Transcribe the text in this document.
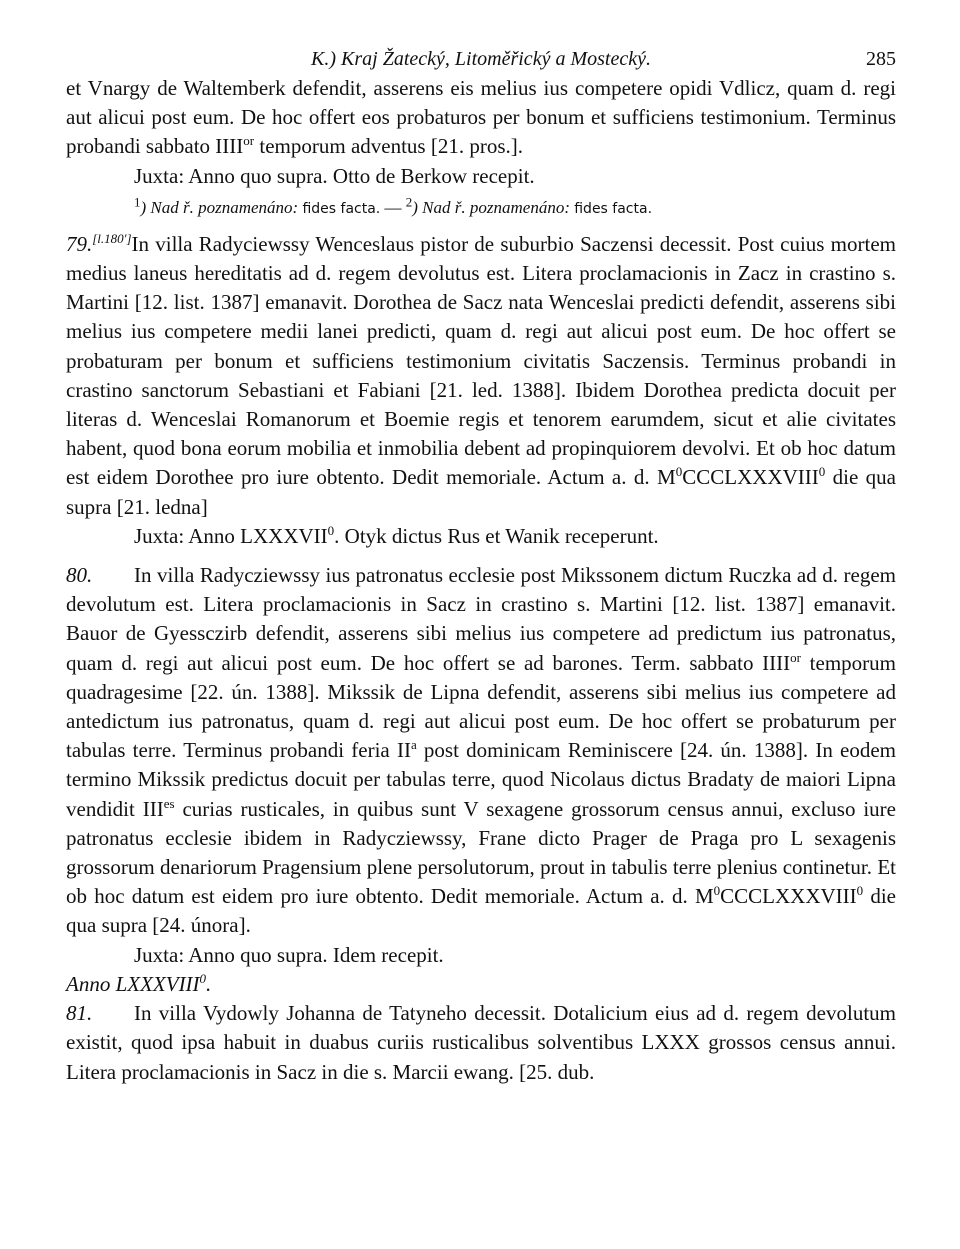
K.) Kraj Žatecký, Litoměřický a Mostecký.	285

et Vnargy de Waltemberk defendit, asserens eis melius ius competere opidi Vdlicz, quam d. regi aut alicui post eum. De hoc offert eos probaturos per bonum et sufficiens testimonium. Terminus probandi sabbato $IIII^{or}$ temporum adventus [21. pros.].

Juxta: Anno quo supra. Otto de Berkow recepit.

$^1$) Nad ř. poznamenáno: fides facta. — $^2$) Nad ř. poznamenáno: fides facta.

79.[l.180']In villa Radyciewssy Wenceslaus pistor de suburbio Saczensi decessit. Post cuius mortem medius laneus hereditatis ad d. regem devolutus est. Litera proclamacionis in Zacz in crastino s. Martini [12. list. 1387] emanavit. Dorothea de Sacz nata Wenceslai predicti defendit, asserens sibi melius ius competere medii lanei predicti, quam d. regi aut alicui post eum. De hoc offert se probaturam per bonum et sufficiens testimonium civitatis Saczensis. Terminus probandi in crastino sanctorum Sebastiani et Fabiani [21. led. 1388]. Ibidem Dorothea predicta docuit per literas d. Wenceslai Romanorum et Boemie regis et tenorem earumdem, sicut et alie civitates habent, quod bona eorum mobilia et inmobilia debent ad propinquiorem devolvi. Et ob hoc datum est eidem Dorothee pro iure obtento. Dedit memoriale. Actum a. d. $M^0CCCLXXXVIII^0$ die qua supra [21. ledna]

Juxta: Anno LXXXVII$^0$. Otyk dictus Rus et Wanik receperunt.

80. In villa Radycziewssy ius patronatus ecclesie post Mikssonem dictum Ruczka ad d. regem devolutum est. Litera proclamacionis in Sacz in crastino s. Martini [12. list. 1387] emanavit. Bauor de Gyessczirb defendit, asserens sibi melius ius competere ad predictum ius patronatus, quam d. regi aut alicui post eum. De hoc offert se ad barones. Term. sabbato $IIII^{or}$ temporum quadragesime [22. ún. 1388]. Mikssik de Lipna defendit, asserens sibi melius ius competere ad antedictum ius patronatus, quam d. regi aut alicui post eum. De hoc offert se probaturum per tabulas terre. Terminus probandi feria $II^a$ post dominicam Reminiscere [24. ún. 1388]. In eodem termino Mikssik predictus docuit per tabulas terre, quod Nicolaus dictus Bradaty de maiori Lipna vendidit $III^{es}$ curias rusticales, in quibus sunt V sexagene grossorum census annui, excluso iure patronatus ecclesie ibidem in Radycziewssy, Frane dicto Prager de Praga pro L sexagenis grossorum denariorum Pragensium plene persolutorum, prout in tabulis terre plenius continetur. Et ob hoc datum est eidem pro iure obtento. Dedit memoriale. Actum a. d. $M^0CCCLXXXVIII^0$ die qua supra [24. února].

Juxta: Anno quo supra. Idem recepit.

Anno LXXXVIII$^0$.

81. In villa Vydowly Johanna de Tatyneho decessit. Dotalicium eius ad d. regem devolutum existit, quod ipsa habuit in duabus curiis rusticalibus solventibus LXXX grossos census annui. Litera proclamacionis in Sacz in die s. Marcii ewang. [25. dub.
